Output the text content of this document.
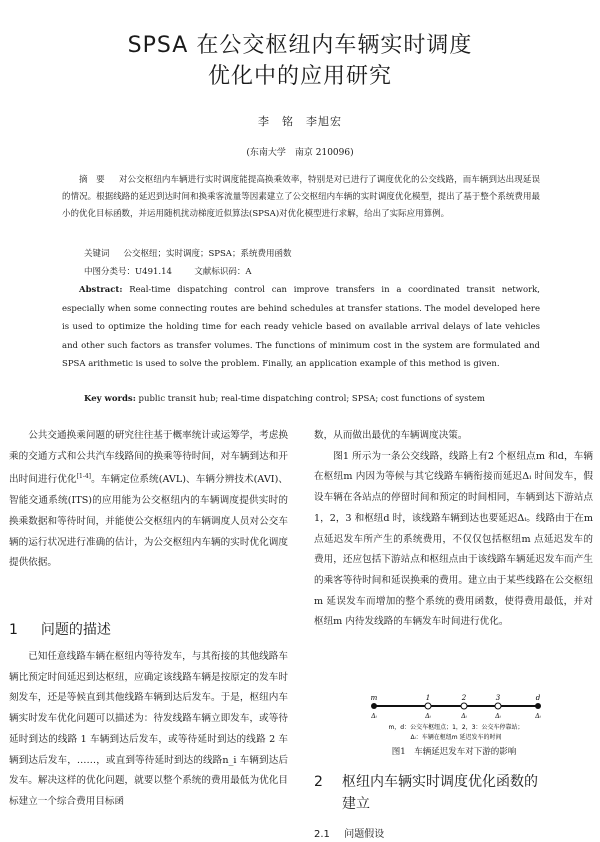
SPSA 在公交枢纽内车辆实时调度
优化中的应用研究
李　铭　李旭宏
(东南大学　南京 210096)
摘　要 　 对公交枢纽内车辆进行实时调度能提高换乘效率，特别是对已进行了调度优化的公交线路，而车辆到达出现延误的情况。根据线路的延迟到达时间和换乘客流量等因素建立了公交枢纽内车辆的实时调度优化模型，提出了基于整个系统费用最小的优化目标函数，并运用随机扰动梯度近似算法(SPSA)对优化模型进行求解，给出了实际应用算例。
关键词 　 公交枢纽；实时调度；SPSA；系统费用函数
中图分类号：U491.14 　　	文献标识码：A
Abstract: Real-time dispatching control can improve transfers in a coordinated transit network, especially when some connecting routes are behind schedules at transfer stations. The model developed here is used to optimize the holding time for each ready vehicle based on available arrival delays of late vehicles and other such factors as transfer volumes. The functions of minimum cost in the system are formulated and SPSA arithmetic is used to solve the problem. Finally, an application example of this method is given.
Key words: public transit hub; real-time dispatching control; SPSA; cost functions of system

公共交通换乘问题的研究往往基于概率统计或运筹学，考虑换乘的交通方式和公共汽车线路间的换乘等待时间，对车辆到达和开出时间进行优化[1-4]。车辆定位系统(AVL)、车辆分辨技术(AVI)、智能交通系统(ITS)的应用能为公交枢纽内的车辆调度提供实时的换乘数据和等待时间，并能使公交枢纽内的车辆调度人员对公交车辆的运行状况进行准确的估计，为公交枢纽内车辆的实时优化调度提供依据。

1 问题的描述

已知任意线路车辆在枢纽内等待发车，与其衔接的其他线路车辆比预定时间延迟到达枢纽，应确定该线路车辆是按原定的发车时刻发车，还是等候直到其他线路车辆到达后发车。于是，枢纽内车辆实时发车优化问题可以描述为：待发线路车辆立即发车，或等待延时到达的线路 1 车辆到达后发车，或等待延时到达的线路 2 车辆到达后发车，……，或直到等待延时到达的线路n_i 车辆到达后发车。解决这样的优化问题，就要以整个系统的费用最低为优化目标建立一个综合费用目标函

数，从而做出最优的车辆调度决策。

图1 所示为一条公交线路，线路上有2 个枢纽点m 和d，车辆在枢纽m 内因为等候与其它线路车辆衔接而延迟Δᵢ 时间发车，假设车辆在各站点的停留时间和预定的时间相同，车辆到达下游站点1，2，3 和枢纽d 时，该线路车辆到达也要延迟Δᵢ。线路由于在m 点延迟发车所产生的系统费用，不仅仅包括枢纽m 点延迟发车的费用，还应包括下游站点和枢纽点由于该线路车辆延迟发车而产生的乘客等待时间和延误换乘的费用。建立由于某些线路在公交枢纽m 延误发车而增加的整个系统的费用函数，使得费用最低，并对枢纽m 内待发线路的车辆发车时间进行优化。

m	1	2	3	d
Δᵢ	Δᵢ	Δᵢ	Δᵢ	Δᵢ
m，d：公交车枢纽点；1，2，3：公交车停靠站；
Δᵢ：车辆在枢纽m 延迟发车的时间
图1　车辆延迟发车对下游的影响
2 枢纽内车辆实时调度优化函数的
建立
2.1 问题假设
